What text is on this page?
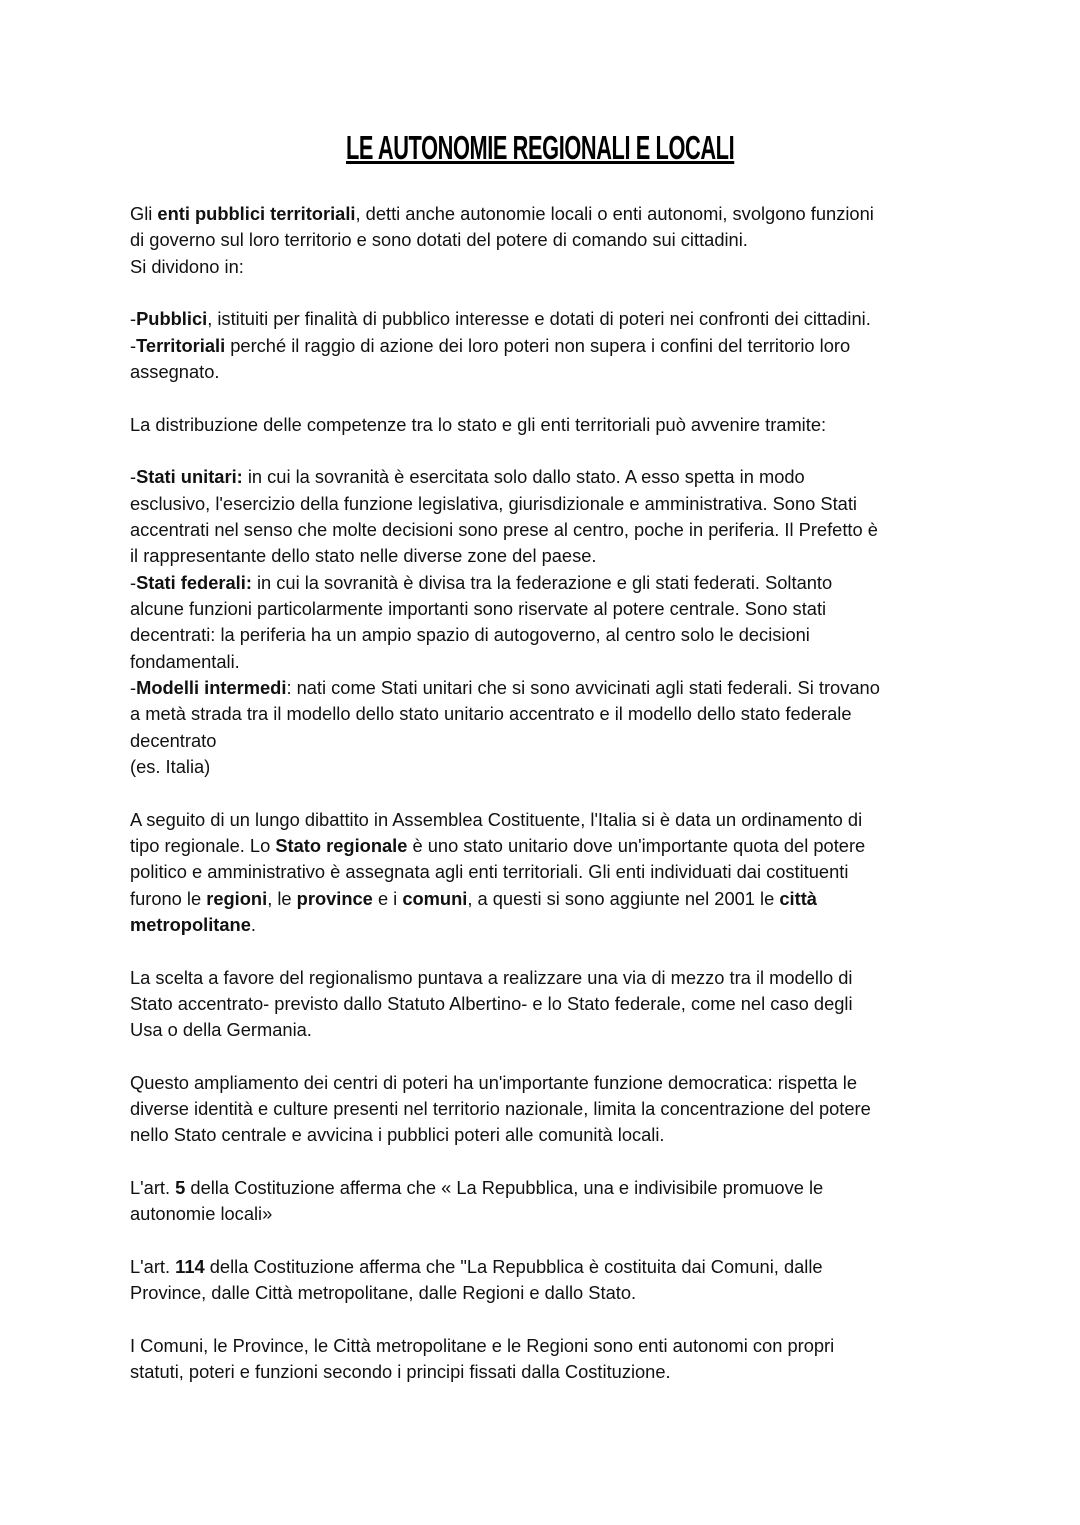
LE AUTONOMIE REGIONALI E LOCALI
Gli enti pubblici territoriali, detti anche autonomie locali o enti autonomi, svolgono funzioni
di governo sul loro territorio e sono dotati del potere di comando sui cittadini.
Si dividono in:
-Pubblici, istituiti per finalità di pubblico interesse e dotati di poteri nei confronti dei cittadini.
-Territoriali perché il raggio di azione dei loro poteri non supera i confini del territorio loro
assegnato.
La distribuzione delle competenze tra lo stato e gli enti territoriali può avvenire tramite:
-Stati unitari: in cui la sovranità è esercitata solo dallo stato. A esso spetta in modo
esclusivo, l'esercizio della funzione legislativa, giurisdizionale e amministrativa. Sono Stati
accentrati nel senso che molte decisioni sono prese al centro, poche in periferia. Il Prefetto è
il rappresentante dello stato nelle diverse zone del paese.
-Stati federali: in cui la sovranità è divisa tra la federazione e gli stati federati. Soltanto
alcune funzioni particolarmente importanti sono riservate al potere centrale. Sono stati
decentrati: la periferia ha un ampio spazio di autogoverno, al centro solo le decisioni
fondamentali.
-Modelli intermedi: nati come Stati unitari che si sono avvicinati agli stati federali. Si trovano
a metà strada tra il modello dello stato unitario accentrato e il modello dello stato federale
decentrato
(es. Italia)
A seguito di un lungo dibattito in Assemblea Costituente, l'Italia si è data un ordinamento di
tipo regionale. Lo Stato regionale è uno stato unitario dove un'importante quota del potere
politico e amministrativo è assegnata agli enti territoriali. Gli enti individuati dai costituenti
furono le regioni, le province e i comuni, a questi si sono aggiunte nel 2001 le città
metropolitane.
La scelta a favore del regionalismo puntava a realizzare una via di mezzo tra il modello di
Stato accentrato- previsto dallo Statuto Albertino- e lo Stato federale, come nel caso degli
Usa o della Germania.
Questo ampliamento dei centri di poteri ha un'importante funzione democratica: rispetta le
diverse identità e culture presenti nel territorio nazionale, limita la concentrazione del potere
nello Stato centrale e avvicina i pubblici poteri alle comunità locali.
L'art. 5 della Costituzione afferma che « La Repubblica, una e indivisibile promuove le
autonomie locali»
L'art. 114 della Costituzione afferma che "La Repubblica è costituita dai Comuni, dalle
Province, dalle Città metropolitane, dalle Regioni e dallo Stato.
I Comuni, le Province, le Città metropolitane e le Regioni sono enti autonomi con propri
statuti, poteri e funzioni secondo i principi fissati dalla Costituzione.
